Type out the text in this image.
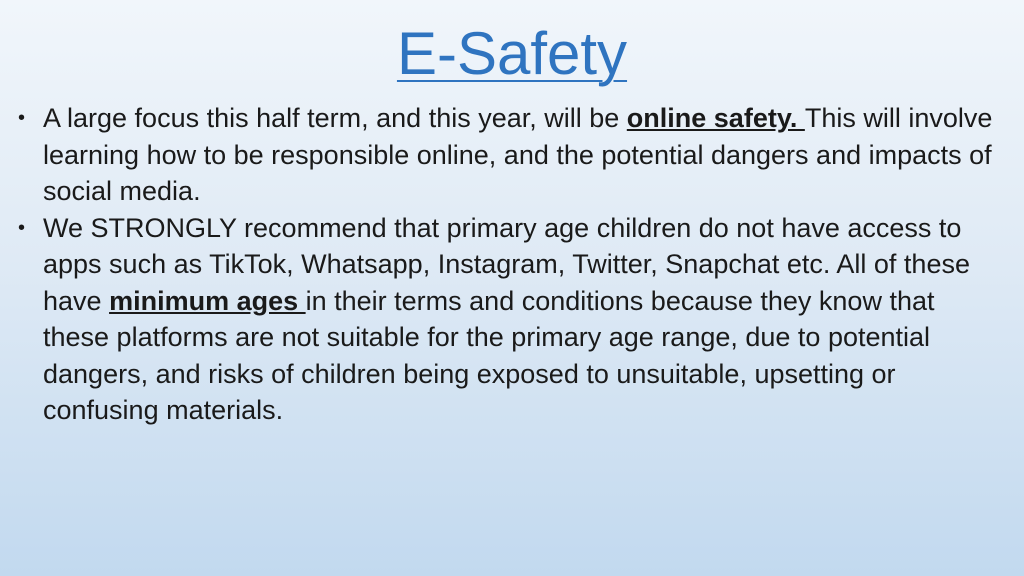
E-Safety
• A large focus this half term, and this year, will be online safety. This will involve learning how to be responsible online, and the potential dangers and impacts of social media.
• We STRONGLY recommend that primary age children do not have access to apps such as TikTok, Whatsapp, Instagram, Twitter, Snapchat etc. All of these have minimum ages in their terms and conditions because they know that these platforms are not suitable for the primary age range, due to potential dangers, and risks of children being exposed to unsuitable, upsetting or confusing materials.
